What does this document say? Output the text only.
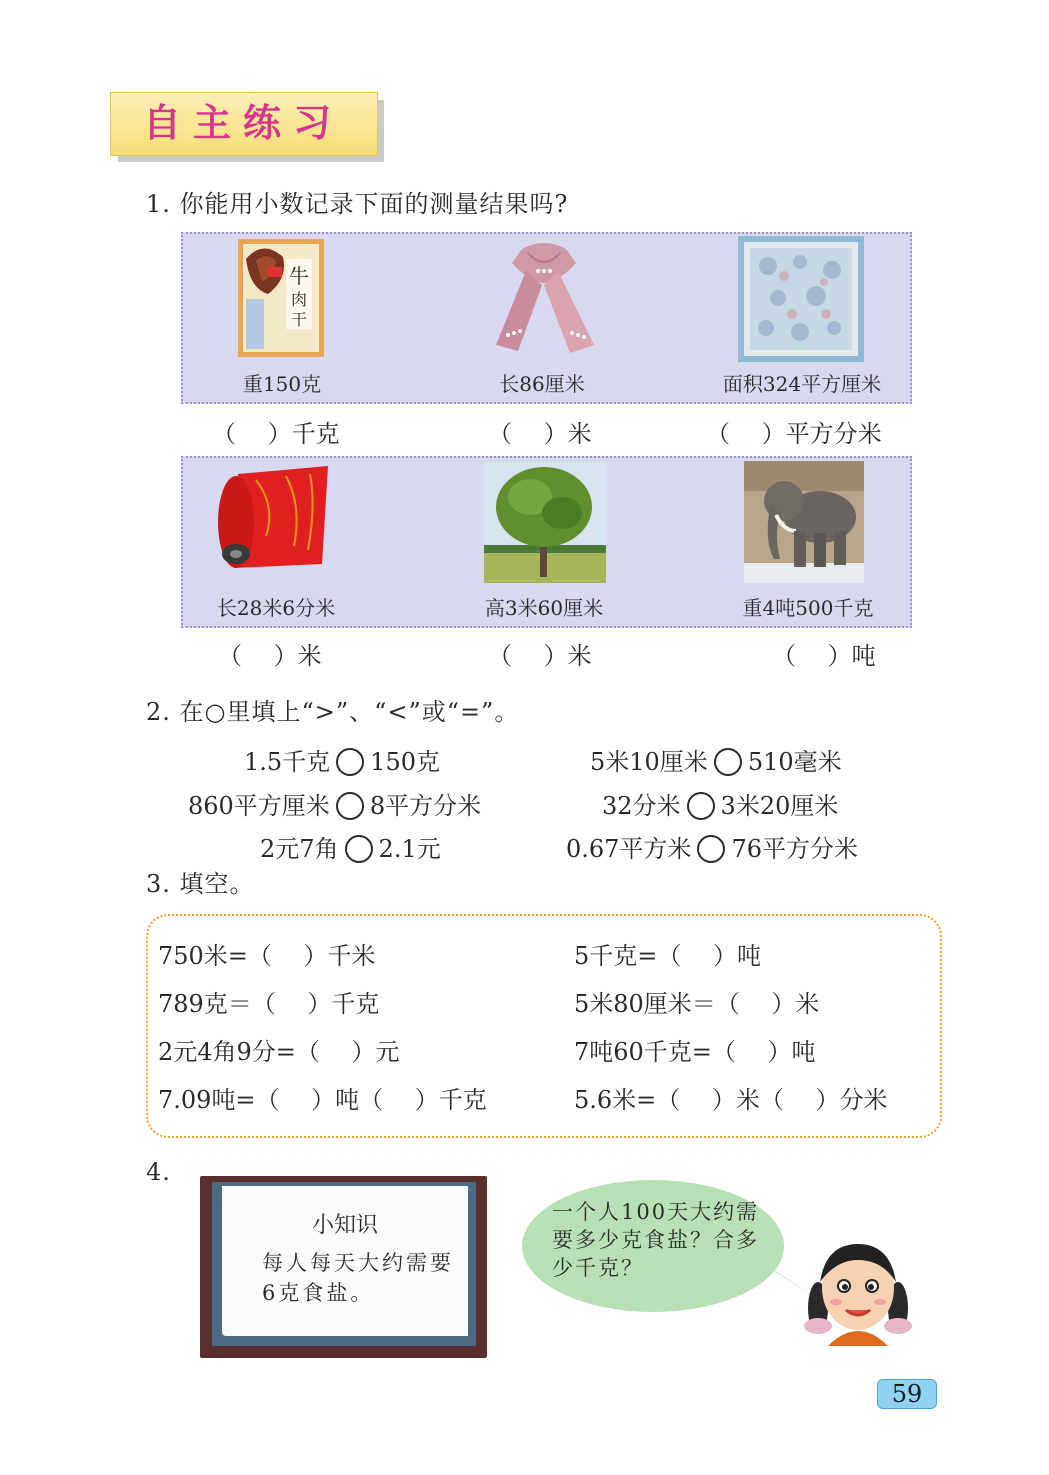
自主练习
1. 你能用小数记录下面的测量结果吗?
牛
肉
干
重150克	长86厘米	面积324平方厘米
（　 ）千克	（　 ）米	（　 ）平方分米
长28米6分米	高3米60厘米	重4吨500千克
（　 ）米	（　 ）米	（　 ）吨
2. 在○里填上“>”、“<”或“=”。
1.5千克 150克	5米10厘米 510毫米
860平方厘米 8平方分米	32分米 3米20厘米
2元7角 2.1元	0.67平方米 76平方分米
3. 填空。
750米=（　 ）千米	5千克=（　 ）吨
789克＝（　 ）千克	5米80厘米＝（　 ）米
2元4角9分=（　 ）元	7吨60千克=（　 ）吨
7.09吨=（　 ）吨（　 ）千克	5.6米=（　 ）米（　 ）分米
4.
小知识
每人每天大约需要6克食盐。
一个人100天大约需要多少克食盐？合多少千克？
59
